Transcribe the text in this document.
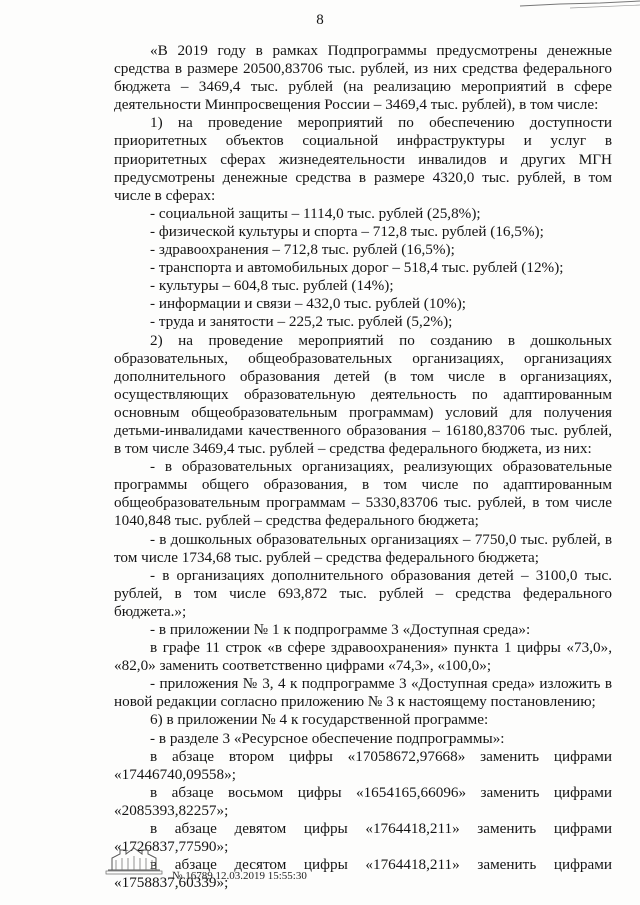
8

«В 2019 году в рамках Подпрограммы предусмотрены денежные средства в размере 20500,83706 тыс. рублей, из них средства федерального бюджета – 3469,4 тыс. рублей (на реализацию мероприятий в сфере деятельности Минпросвещения России – 3469,4 тыс. рублей), в том числе:

1) на проведение мероприятий по обеспечению доступности приоритетных объектов социальной инфраструктуры и услуг в приоритетных сферах жизнедеятельности инвалидов и других МГН предусмотрены денежные средства в размере 4320,0 тыс. рублей, в том числе в сферах:

- социальной защиты – 1114,0 тыс. рублей (25,8%);

- физической культуры и спорта – 712,8 тыс. рублей (16,5%);

- здравоохранения – 712,8 тыс. рублей (16,5%);

- транспорта и автомобильных дорог – 518,4 тыс. рублей (12%);

- культуры – 604,8 тыс. рублей (14%);

- информации и связи – 432,0 тыс. рублей (10%);

- труда и занятости – 225,2 тыс. рублей (5,2%);

2) на проведение мероприятий по созданию в дошкольных образовательных, общеобразовательных организациях, организациях дополнительного образования детей (в том числе в организациях, осуществляющих образовательную деятельность по адаптированным основным общеобразовательным программам) условий для получения детьми-инвалидами качественного образования – 16180,83706 тыс. рублей, в том числе 3469,4 тыс. рублей – средства федерального бюджета, из них:

- в образовательных организациях, реализующих образовательные программы общего образования, в том числе по адаптированным общеобразовательным программам – 5330,83706 тыс. рублей, в том числе 1040,848 тыс. рублей – средства федерального бюджета;

- в дошкольных образовательных организациях – 7750,0 тыс. рублей, в том числе 1734,68 тыс. рублей – средства федерального бюджета;

- в организациях дополнительного образования детей – 3100,0 тыс. рублей, в том числе 693,872 тыс. рублей – средства федерального бюджета.»;

- в приложении № 1 к подпрограмме 3 «Доступная среда»:

в графе 11 строк «в сфере здравоохранения» пункта 1 цифры «73,0», «82,0» заменить соответственно цифрами «74,3», «100,0»;

- приложения № 3, 4 к подпрограмме 3 «Доступная среда» изложить в новой редакции согласно приложению № 3 к настоящему постановлению;

6) в приложении № 4 к государственной программе:

- в разделе 3 «Ресурсное обеспечение подпрограммы»:

в абзаце втором цифры «17058672,97668» заменить цифрами «17446740,09558»;

в абзаце восьмом цифры «1654165,66096» заменить цифрами «2085393,82257»;

в абзаце девятом цифры «1764418,211» заменить цифрами «1726837,77590»;

в абзаце десятом цифры «1764418,211» заменить цифрами «1758837,60339»;

№ 16789 12.03.2019 15:55:30
